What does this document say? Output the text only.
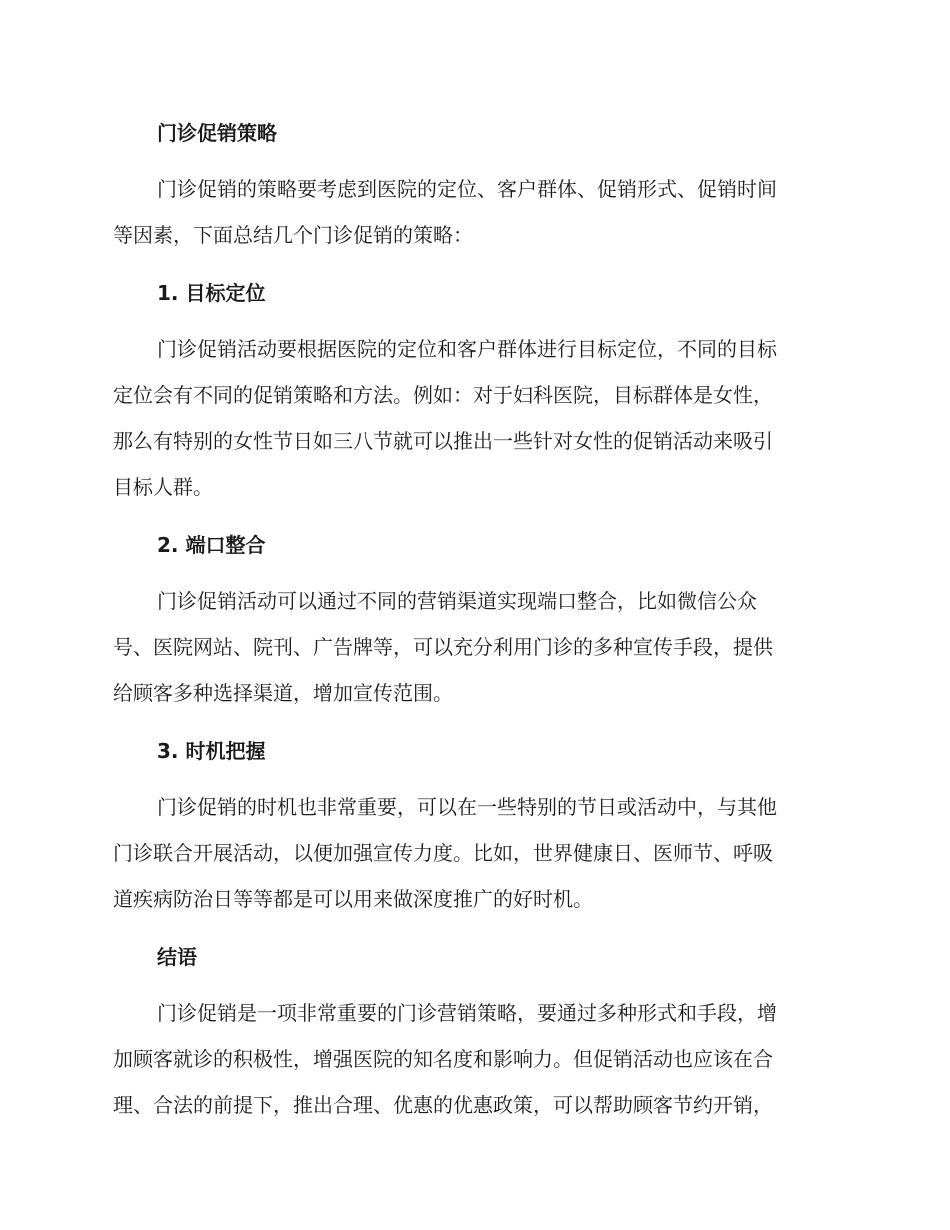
门诊促销策略

门诊促销的策略要考虑到医院的定位、客户群体、促销形式、促销时间
等因素，下面总结几个门诊促销的策略：

1. 目标定位

门诊促销活动要根据医院的定位和客户群体进行目标定位，不同的目标
定位会有不同的促销策略和方法。例如：对于妇科医院，目标群体是女性，
那么有特别的女性节日如三八节就可以推出一些针对女性的促销活动来吸引
目标人群。

2. 端口整合

门诊促销活动可以通过不同的营销渠道实现端口整合，比如微信公众
号、医院网站、院刊、广告牌等，可以充分利用门诊的多种宣传手段，提供
给顾客多种选择渠道，增加宣传范围。

3. 时机把握

门诊促销的时机也非常重要，可以在一些特别的节日或活动中，与其他
门诊联合开展活动，以便加强宣传力度。比如，世界健康日、医师节、呼吸
道疾病防治日等等都是可以用来做深度推广的好时机。

结语

门诊促销是一项非常重要的门诊营销策略，要通过多种形式和手段，增
加顾客就诊的积极性，增强医院的知名度和影响力。但促销活动也应该在合
理、合法的前提下，推出合理、优惠的优惠政策，可以帮助顾客节约开销，
